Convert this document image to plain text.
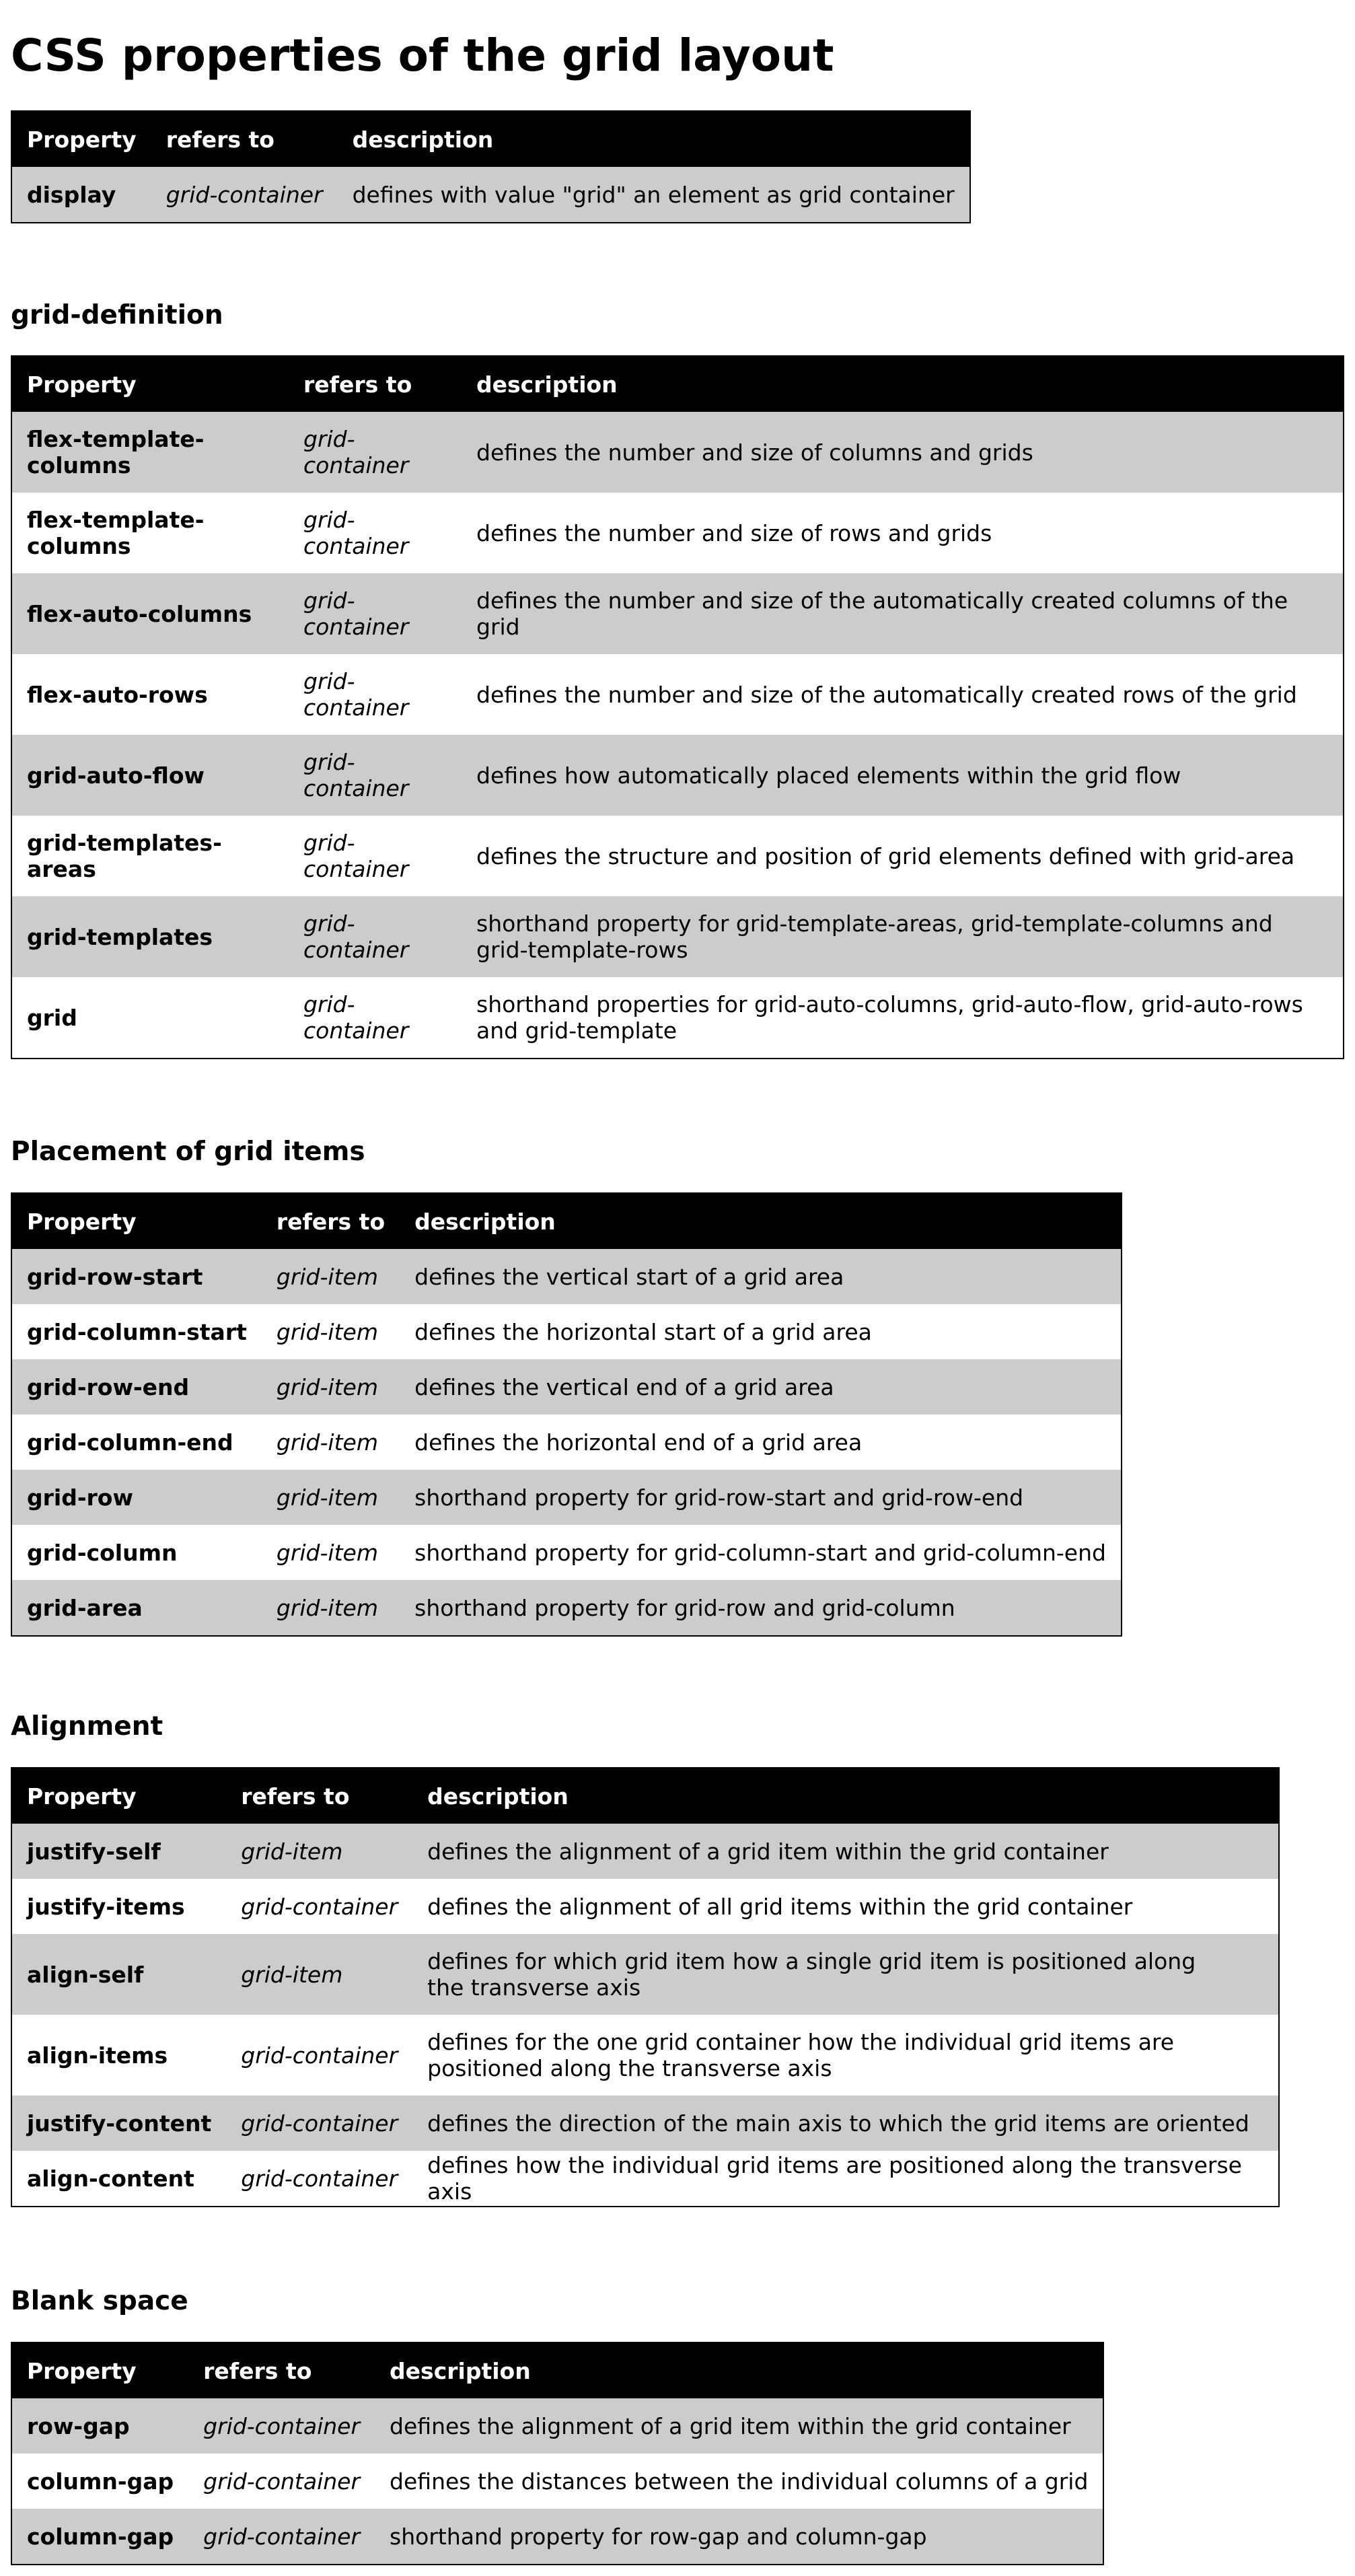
CSS properties of the grid layout
Property	refers to	description
display	grid-container	defines with value "grid" an element as grid container
grid-definition
Property	refers to	description
flex-template-columns	grid-container	defines the number and size of columns and grids
flex-template-columns	grid-container	defines the number and size of rows and grids
flex-auto-columns	grid-container	defines the number and size of the automatically created columns of the grid
flex-auto-rows	grid-container	defines the number and size of the automatically created rows of the grid
grid-auto-flow	grid-container	defines how automatically placed elements within the grid flow
grid-templates-areas	grid-container	defines the structure and position of grid elements defined with grid-area
grid-templates	grid-container	shorthand property for grid-template-areas, grid-template-columns and grid-template-rows
grid	grid-container	shorthand properties for grid-auto-columns, grid-auto-flow, grid-auto-rows and grid-template
Placement of grid items
Property	refers to	description
grid-row-start	grid-item	defines the vertical start of a grid area
grid-column-start	grid-item	defines the horizontal start of a grid area
grid-row-end	grid-item	defines the vertical end of a grid area
grid-column-end	grid-item	defines the horizontal end of a grid area
grid-row	grid-item	shorthand property for grid-row-start and grid-row-end
grid-column	grid-item	shorthand property for grid-column-start and grid-column-end
grid-area	grid-item	shorthand property for grid-row and grid-column
Alignment
Property	refers to	description
justify-self	grid-item	defines the alignment of a grid item within the grid container
justify-items	grid-container	defines the alignment of all grid items within the grid container
align-self	grid-item	defines for which grid item how a single grid item is positioned along the transverse axis
align-items	grid-container	defines for the one grid container how the individual grid items are positioned along the transverse axis
justify-content	grid-container	defines the direction of the main axis to which the grid items are oriented
align-content	grid-container	defines how the individual grid items are positioned along the transverse axis
Blank space
Property	refers to	description
row-gap	grid-container	defines the alignment of a grid item within the grid container
column-gap	grid-container	defines the distances between the individual columns of a grid
column-gap	grid-container	shorthand property for row-gap and column-gap
